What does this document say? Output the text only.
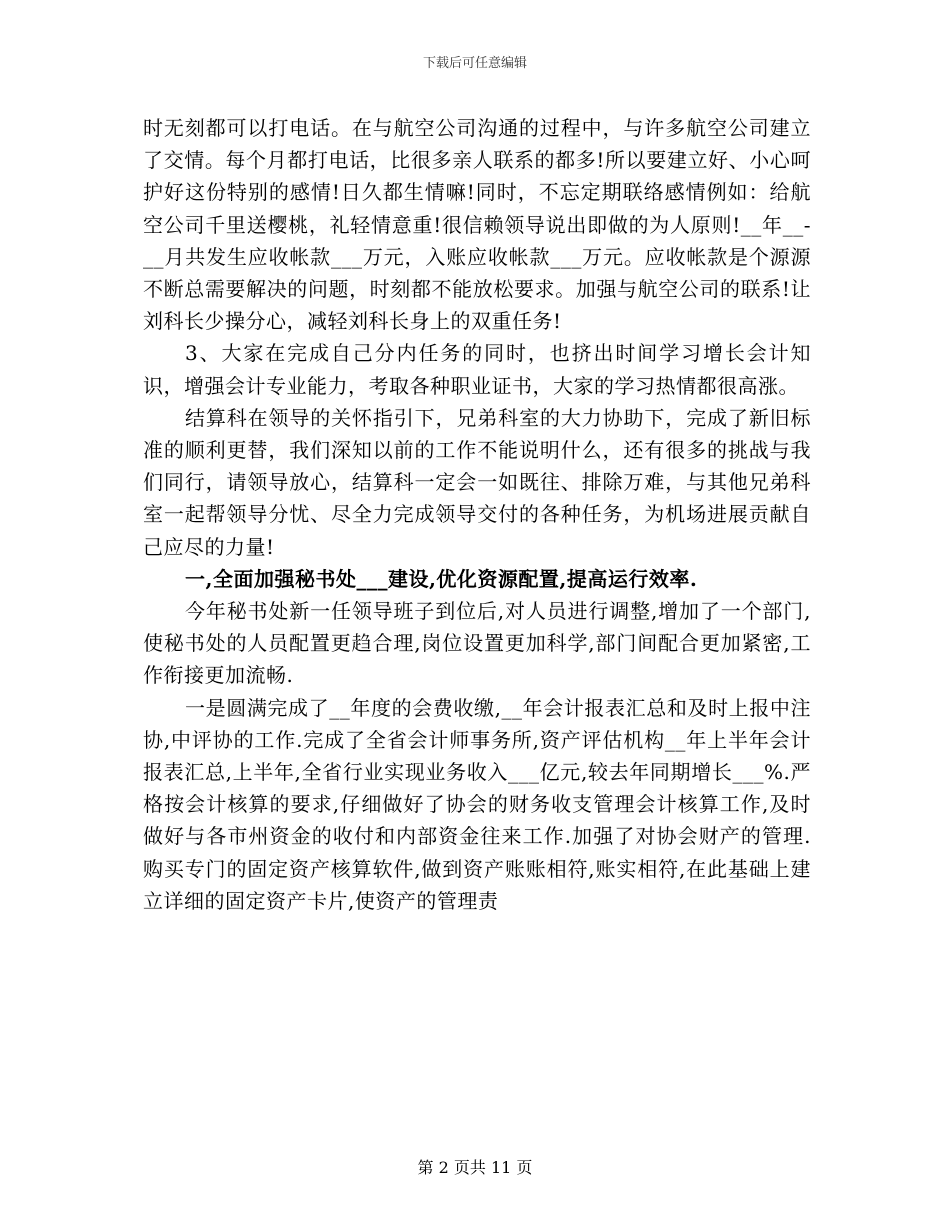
下载后可任意编辑

时无刻都可以打电话。在与航空公司沟通的过程中，与许多航空公司建立了交情。每个月都打电话，比很多亲人联系的都多!所以要建立好、小心呵护好这份特别的感情!日久都生情嘛!同时，不忘定期联络感情例如：给航空公司千里送樱桃，礼轻情意重!很信赖领导说出即做的为人原则!__年__-__月共发生应收帐款___万元，入账应收帐款___万元。应收帐款是个源源不断总需要解决的问题，时刻都不能放松要求。加强与航空公司的联系!让刘科长少操分心，减轻刘科长身上的双重任务!

3、大家在完成自己分内任务的同时，也挤出时间学习增长会计知识，增强会计专业能力，考取各种职业证书，大家的学习热情都很高涨。

结算科在领导的关怀指引下，兄弟科室的大力协助下，完成了新旧标准的顺利更替，我们深知以前的工作不能说明什么，还有很多的挑战与我们同行，请领导放心，结算科一定会一如既往、排除万难，与其他兄弟科室一起帮领导分忧、尽全力完成领导交付的各种任务，为机场进展贡献自己应尽的力量!

一,全面加强秘书处___建设,优化资源配置,提高运行效率.

今年秘书处新一任领导班子到位后,对人员进行调整,增加了一个部门,使秘书处的人员配置更趋合理,岗位设置更加科学,部门间配合更加紧密,工作衔接更加流畅.

一是圆满完成了__年度的会费收缴,__年会计报表汇总和及时上报中注协,中评协的工作.完成了全省会计师事务所,资产评估机构__年上半年会计报表汇总,上半年,全省行业实现业务收入___亿元,较去年同期增长___%.严格按会计核算的要求,仔细做好了协会的财务收支管理会计核算工作,及时做好与各市州资金的收付和内部资金往来工作.加强了对协会财产的管理.购买专门的固定资产核算软件,做到资产账账相符,账实相符,在此基础上建立详细的固定资产卡片,使资产的管理责

第 2 页共 11 页
